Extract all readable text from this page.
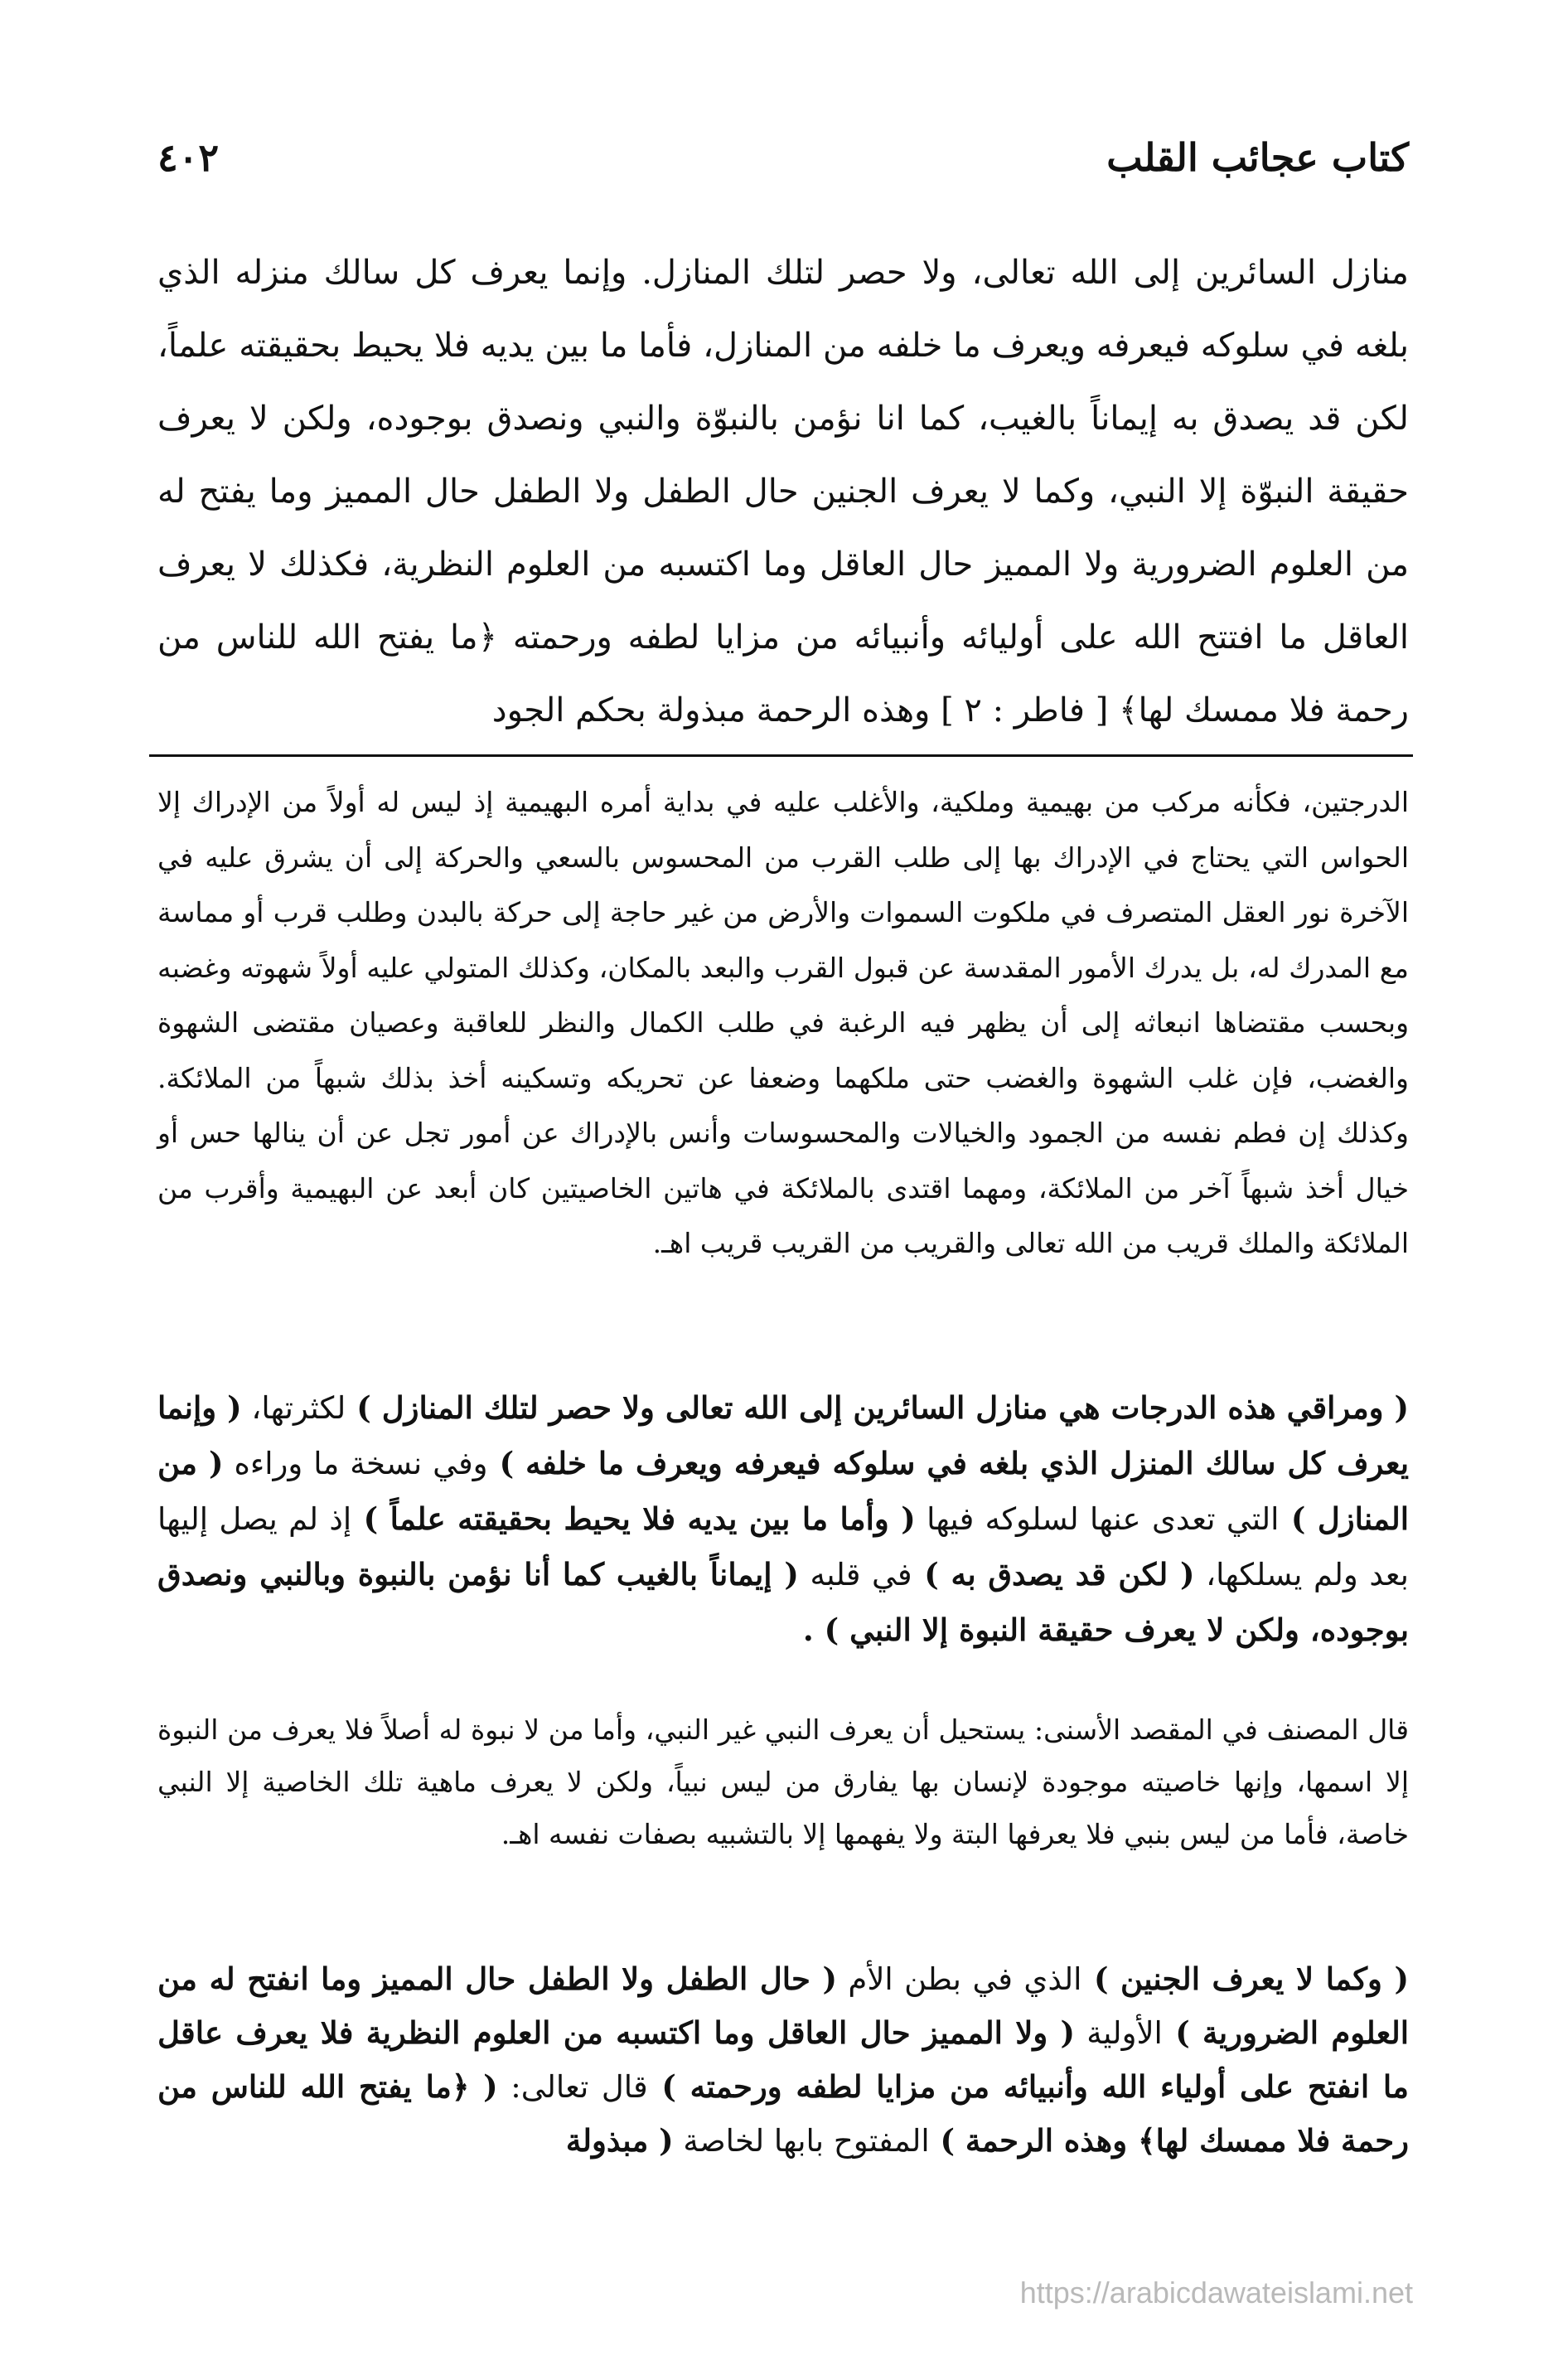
كتاب عجائب القلب
٤٠٢

منازل السائرين إلى الله تعالى، ولا حصر لتلك المنازل. وإنما يعرف كل سالك منزله الذي بلغه في سلوكه فيعرفه ويعرف ما خلفه من المنازل، فأما ما بين يديه فلا يحيط بحقيقته علماً، لكن قد يصدق به إيماناً بالغيب، كما انا نؤمن بالنبوّة والنبي ونصدق بوجوده، ولكن لا يعرف حقيقة النبوّة إلا النبي، وكما لا يعرف الجنين حال الطفل ولا الطفل حال المميز وما يفتح له من العلوم الضرورية ولا المميز حال العاقل وما اكتسبه من العلوم النظرية، فكذلك لا يعرف العاقل ما افتتح الله على أوليائه وأنبيائه من مزايا لطفه ورحمته ﴿ما يفتح الله للناس من رحمة فلا ممسك لها﴾ [ فاطر : ٢ ] وهذه الرحمة مبذولة بحكم الجود

الدرجتين، فكأنه مركب من بهيمية وملكية، والأغلب عليه في بداية أمره البهيمية إذ ليس له أولاً من الإدراك إلا الحواس التي يحتاج في الإدراك بها إلى طلب القرب من المحسوس بالسعي والحركة إلى أن يشرق عليه في الآخرة نور العقل المتصرف في ملكوت السموات والأرض من غير حاجة إلى حركة بالبدن وطلب قرب أو مماسة مع المدرك له، بل يدرك الأمور المقدسة عن قبول القرب والبعد بالمكان، وكذلك المتولي عليه أولاً شهوته وغضبه وبحسب مقتضاها انبعاثه إلى أن يظهر فيه الرغبة في طلب الكمال والنظر للعاقبة وعصيان مقتضى الشهوة والغضب، فإن غلب الشهوة والغضب حتى ملكهما وضعفا عن تحريكه وتسكينه أخذ بذلك شبهاً من الملائكة. وكذلك إن فطم نفسه من الجمود والخيالات والمحسوسات وأنس بالإدراك عن أمور تجل عن أن ينالها حس أو خيال أخذ شبهاً آخر من الملائكة، ومهما اقتدى بالملائكة في هاتين الخاصيتين كان أبعد عن البهيمية وأقرب من الملائكة والملك قريب من الله تعالى والقريب من القريب قريب اهـ.

( ومراقي هذه الدرجات هي منازل السائرين إلى الله تعالى ولا حصر لتلك المنازل ) لكثرتها، ( وإنما يعرف كل سالك المنزل الذي بلغه في سلوكه فيعرفه ويعرف ما خلفه ) وفي نسخة ما وراءه ( من المنازل ) التي تعدى عنها لسلوكه فيها ( وأما ما بين يديه فلا يحيط بحقيقته علماً ) إذ لم يصل إليها بعد ولم يسلكها، ( لكن قد يصدق به ) في قلبه ( إيماناً بالغيب كما أنا نؤمن بالنبوة وبالنبي ونصدق بوجوده، ولكن لا يعرف حقيقة النبوة إلا النبي ) .

قال المصنف في المقصد الأسنى: يستحيل أن يعرف النبي غير النبي، وأما من لا نبوة له أصلاً فلا يعرف من النبوة إلا اسمها، وإنها خاصيته موجودة لإنسان بها يفارق من ليس نبياً، ولكن لا يعرف ماهية تلك الخاصية إلا النبي خاصة، فأما من ليس بنبي فلا يعرفها البتة ولا يفهمها إلا بالتشبيه بصفات نفسه اهـ.

( وكما لا يعرف الجنين ) الذي في بطن الأم ( حال الطفل ولا الطفل حال المميز وما انفتح له من العلوم الضرورية ) الأولية ( ولا المميز حال العاقل وما اكتسبه من العلوم النظرية فلا يعرف عاقل ما انفتح على أولياء الله وأنبيائه من مزايا لطفه ورحمته ) قال تعالى: ( ﴿ما يفتح الله للناس من رحمة فلا ممسك لها﴾ وهذه الرحمة ) المفتوح بابها لخاصة ( مبذولة

https://arabicdawateislami.net
